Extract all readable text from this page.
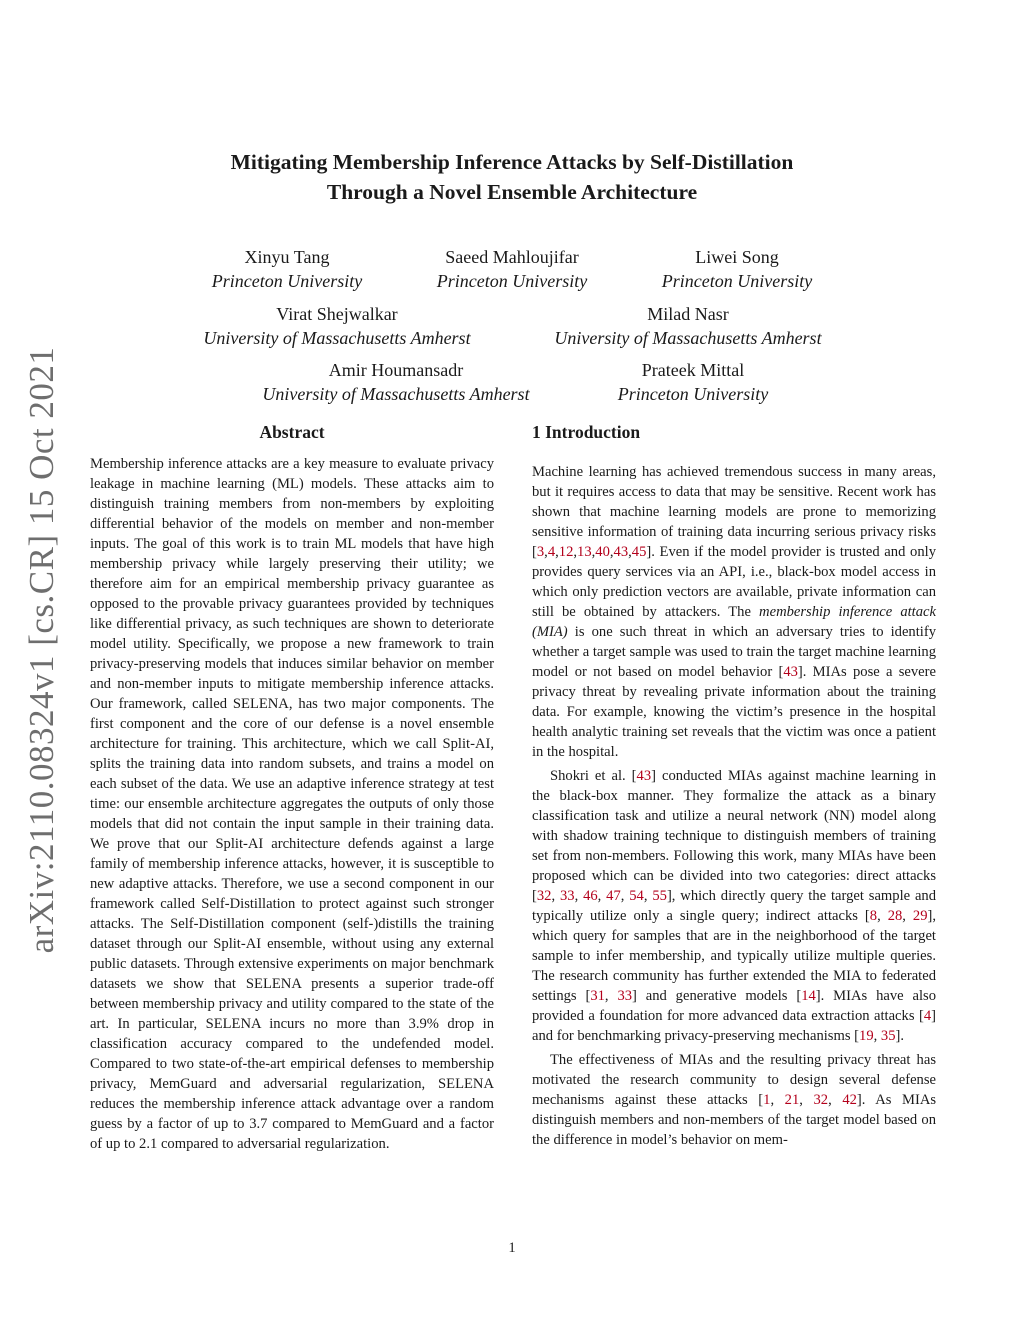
arXiv:2110.08324v1 [cs.CR] 15 Oct 2021
Mitigating Membership Inference Attacks by Self-Distillation
Through a Novel Ensemble Architecture
Xinyu Tang
Princeton University
Saeed Mahloujifar
Princeton University
Liwei Song
Princeton University
Virat Shejwalkar
University of Massachusetts Amherst
Milad Nasr
University of Massachusetts Amherst
Amir Houmansadr
University of Massachusetts Amherst
Prateek Mittal
Princeton University
Abstract

Membership inference attacks are a key measure to evaluate privacy leakage in machine learning (ML) models. These attacks aim to distinguish training members from non-members by exploiting differential behavior of the models on member and non-member inputs. The goal of this work is to train ML models that have high membership privacy while largely preserving their utility; we therefore aim for an empirical membership privacy guarantee as opposed to the provable privacy guarantees provided by techniques like differential privacy, as such techniques are shown to deteriorate model utility. Specifically, we propose a new framework to train privacy-preserving models that induces similar behavior on member and non-member inputs to mitigate membership inference attacks. Our framework, called SELENA, has two major components. The first component and the core of our defense is a novel ensemble architecture for training. This architecture, which we call Split-AI, splits the training data into random subsets, and trains a model on each subset of the data. We use an adaptive inference strategy at test time: our ensemble architecture aggregates the outputs of only those models that did not contain the input sample in their training data. We prove that our Split-AI architecture defends against a large family of membership inference attacks, however, it is susceptible to new adaptive attacks. Therefore, we use a second component in our framework called Self-Distillation to protect against such stronger attacks. The Self-Distillation component (self-)distills the training dataset through our Split-AI ensemble, without using any external public datasets. Through extensive experiments on major benchmark datasets we show that SELENA presents a superior trade-off between membership privacy and utility compared to the state of the art. In particular, SELENA incurs no more than 3.9% drop in classification accuracy compared to the undefended model. Compared to two state-of-the-art empirical defenses to membership privacy, MemGuard and adversarial regularization, SELENA reduces the membership inference attack advantage over a random guess by a factor of up to 3.7 compared to MemGuard and a factor of up to 2.1 compared to adversarial regularization.

1 Introduction

Machine learning has achieved tremendous success in many areas, but it requires access to data that may be sensitive. Recent work has shown that machine learning models are prone to memorizing sensitive information of training data incurring serious privacy risks [3,4,12,13,40,43,45]. Even if the model provider is trusted and only provides query services via an API, i.e., black-box model access in which only prediction vectors are available, private information can still be obtained by attackers. The membership inference attack (MIA) is one such threat in which an adversary tries to identify whether a target sample was used to train the target machine learning model or not based on model behavior [43]. MIAs pose a severe privacy threat by revealing private information about the training data. For example, knowing the victim’s presence in the hospital health analytic training set reveals that the victim was once a patient in the hospital.

Shokri et al. [43] conducted MIAs against machine learning in the black-box manner. They formalize the attack as a binary classification task and utilize a neural network (NN) model along with shadow training technique to distinguish members of training set from non-members. Following this work, many MIAs have been proposed which can be divided into two categories: direct attacks [32, 33, 46, 47, 54, 55], which directly query the target sample and typically utilize only a single query; indirect attacks [8, 28, 29], which query for samples that are in the neighborhood of the target sample to infer membership, and typically utilize multiple queries. The research community has further extended the MIA to federated settings [31, 33] and generative models [14]. MIAs have also provided a foundation for more advanced data extraction attacks [4] and for benchmarking privacy-preserving mechanisms [19, 35].

The effectiveness of MIAs and the resulting privacy threat has motivated the research community to design several defense mechanisms against these attacks [1, 21, 32, 42]. As MIAs distinguish members and non-members of the target model based on the difference in model’s behavior on mem-

1
